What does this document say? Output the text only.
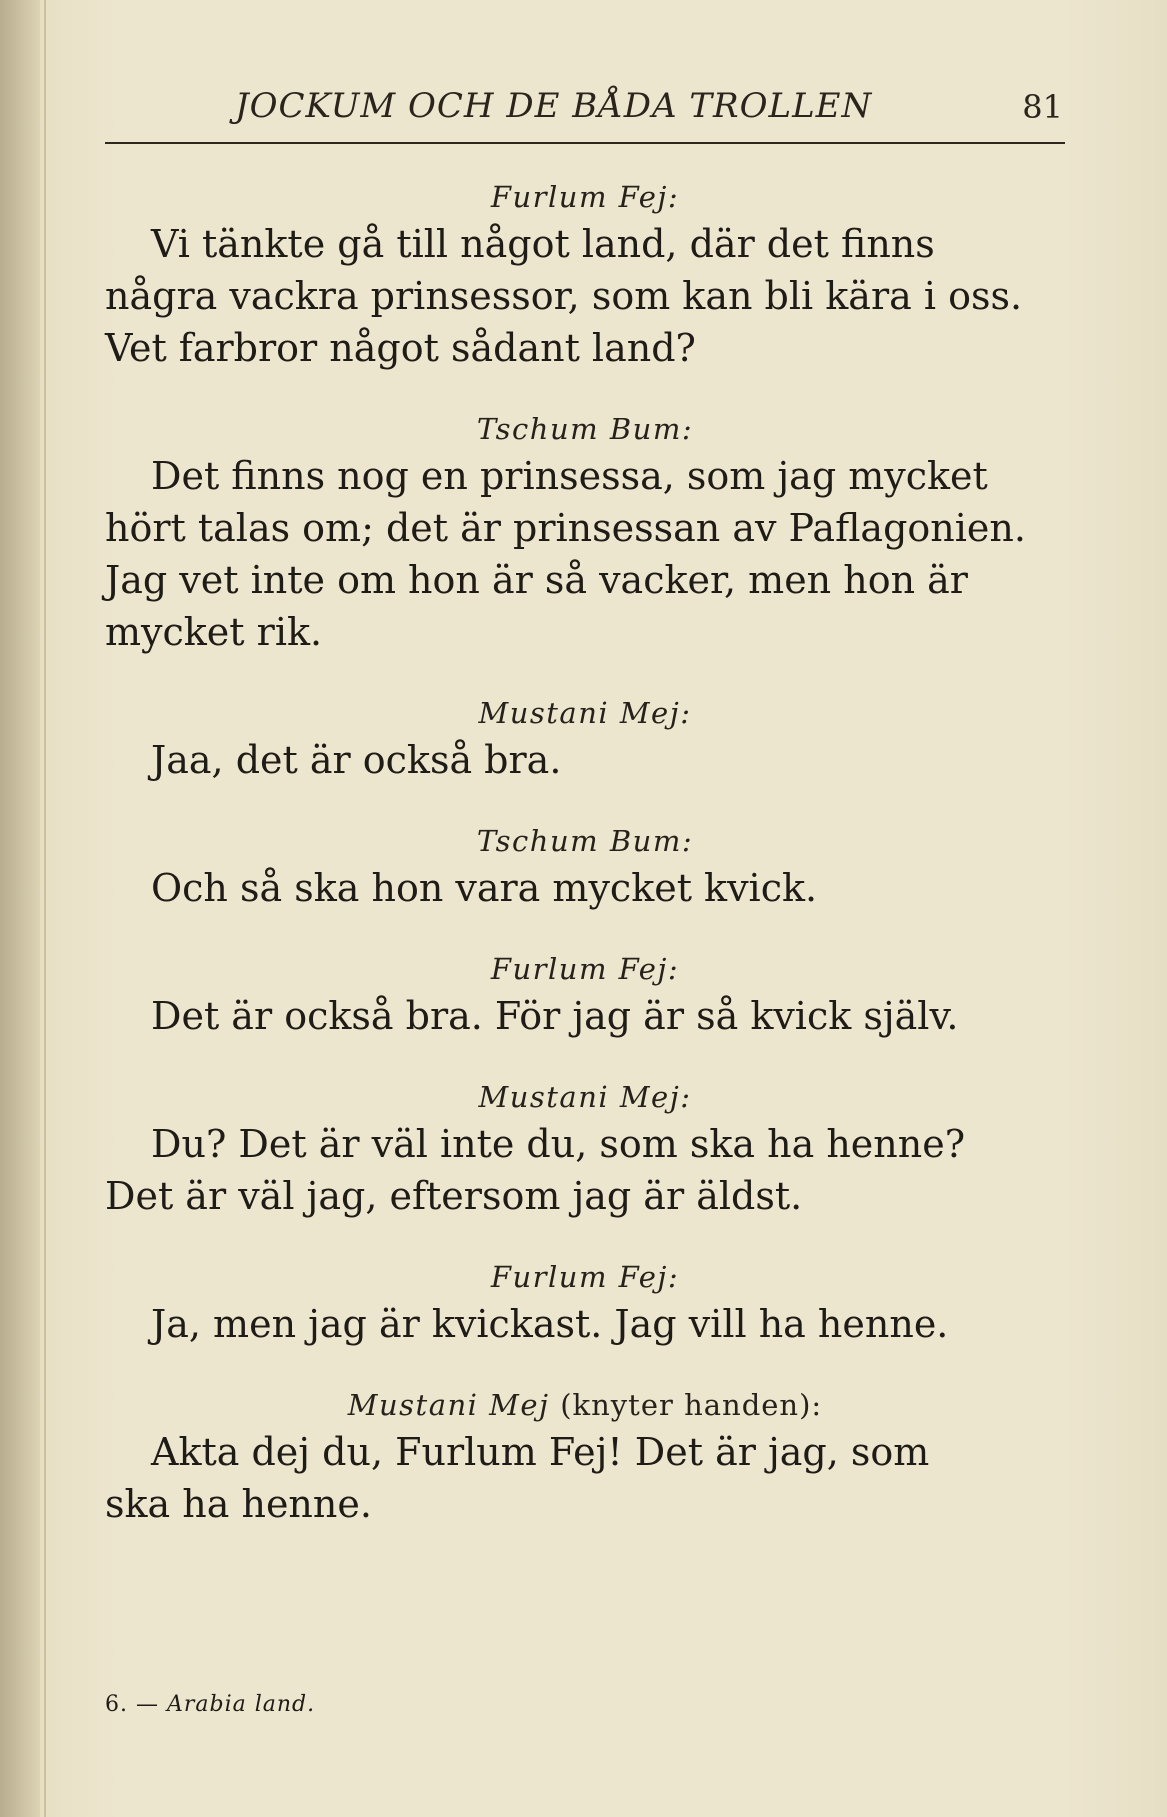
JOCKUM OCH DE BÅDA TROLLEN	81

Furlum Fej:

Vi tänkte gå till något land, där det finns

några vackra prinsessor, som kan bli kära i oss.

Vet farbror något sådant land?

Tschum Bum:

Det finns nog en prinsessa, som jag mycket

hört talas om; det är prinsessan av Paflagonien.

Jag vet inte om hon är så vacker, men hon är

mycket rik.

Mustani Mej:

Jaa, det är också bra.

Tschum Bum:

Och så ska hon vara mycket kvick.

Furlum Fej:

Det är också bra. För jag är så kvick själv.

Mustani Mej:

Du? Det är väl inte du, som ska ha henne?

Det är väl jag, eftersom jag är äldst.

Furlum Fej:

Ja, men jag är kvickast. Jag vill ha henne.

Mustani Mej (knyter handen):

Akta dej du, Furlum Fej! Det är jag, som

ska ha henne.

6. — Arabia land.
